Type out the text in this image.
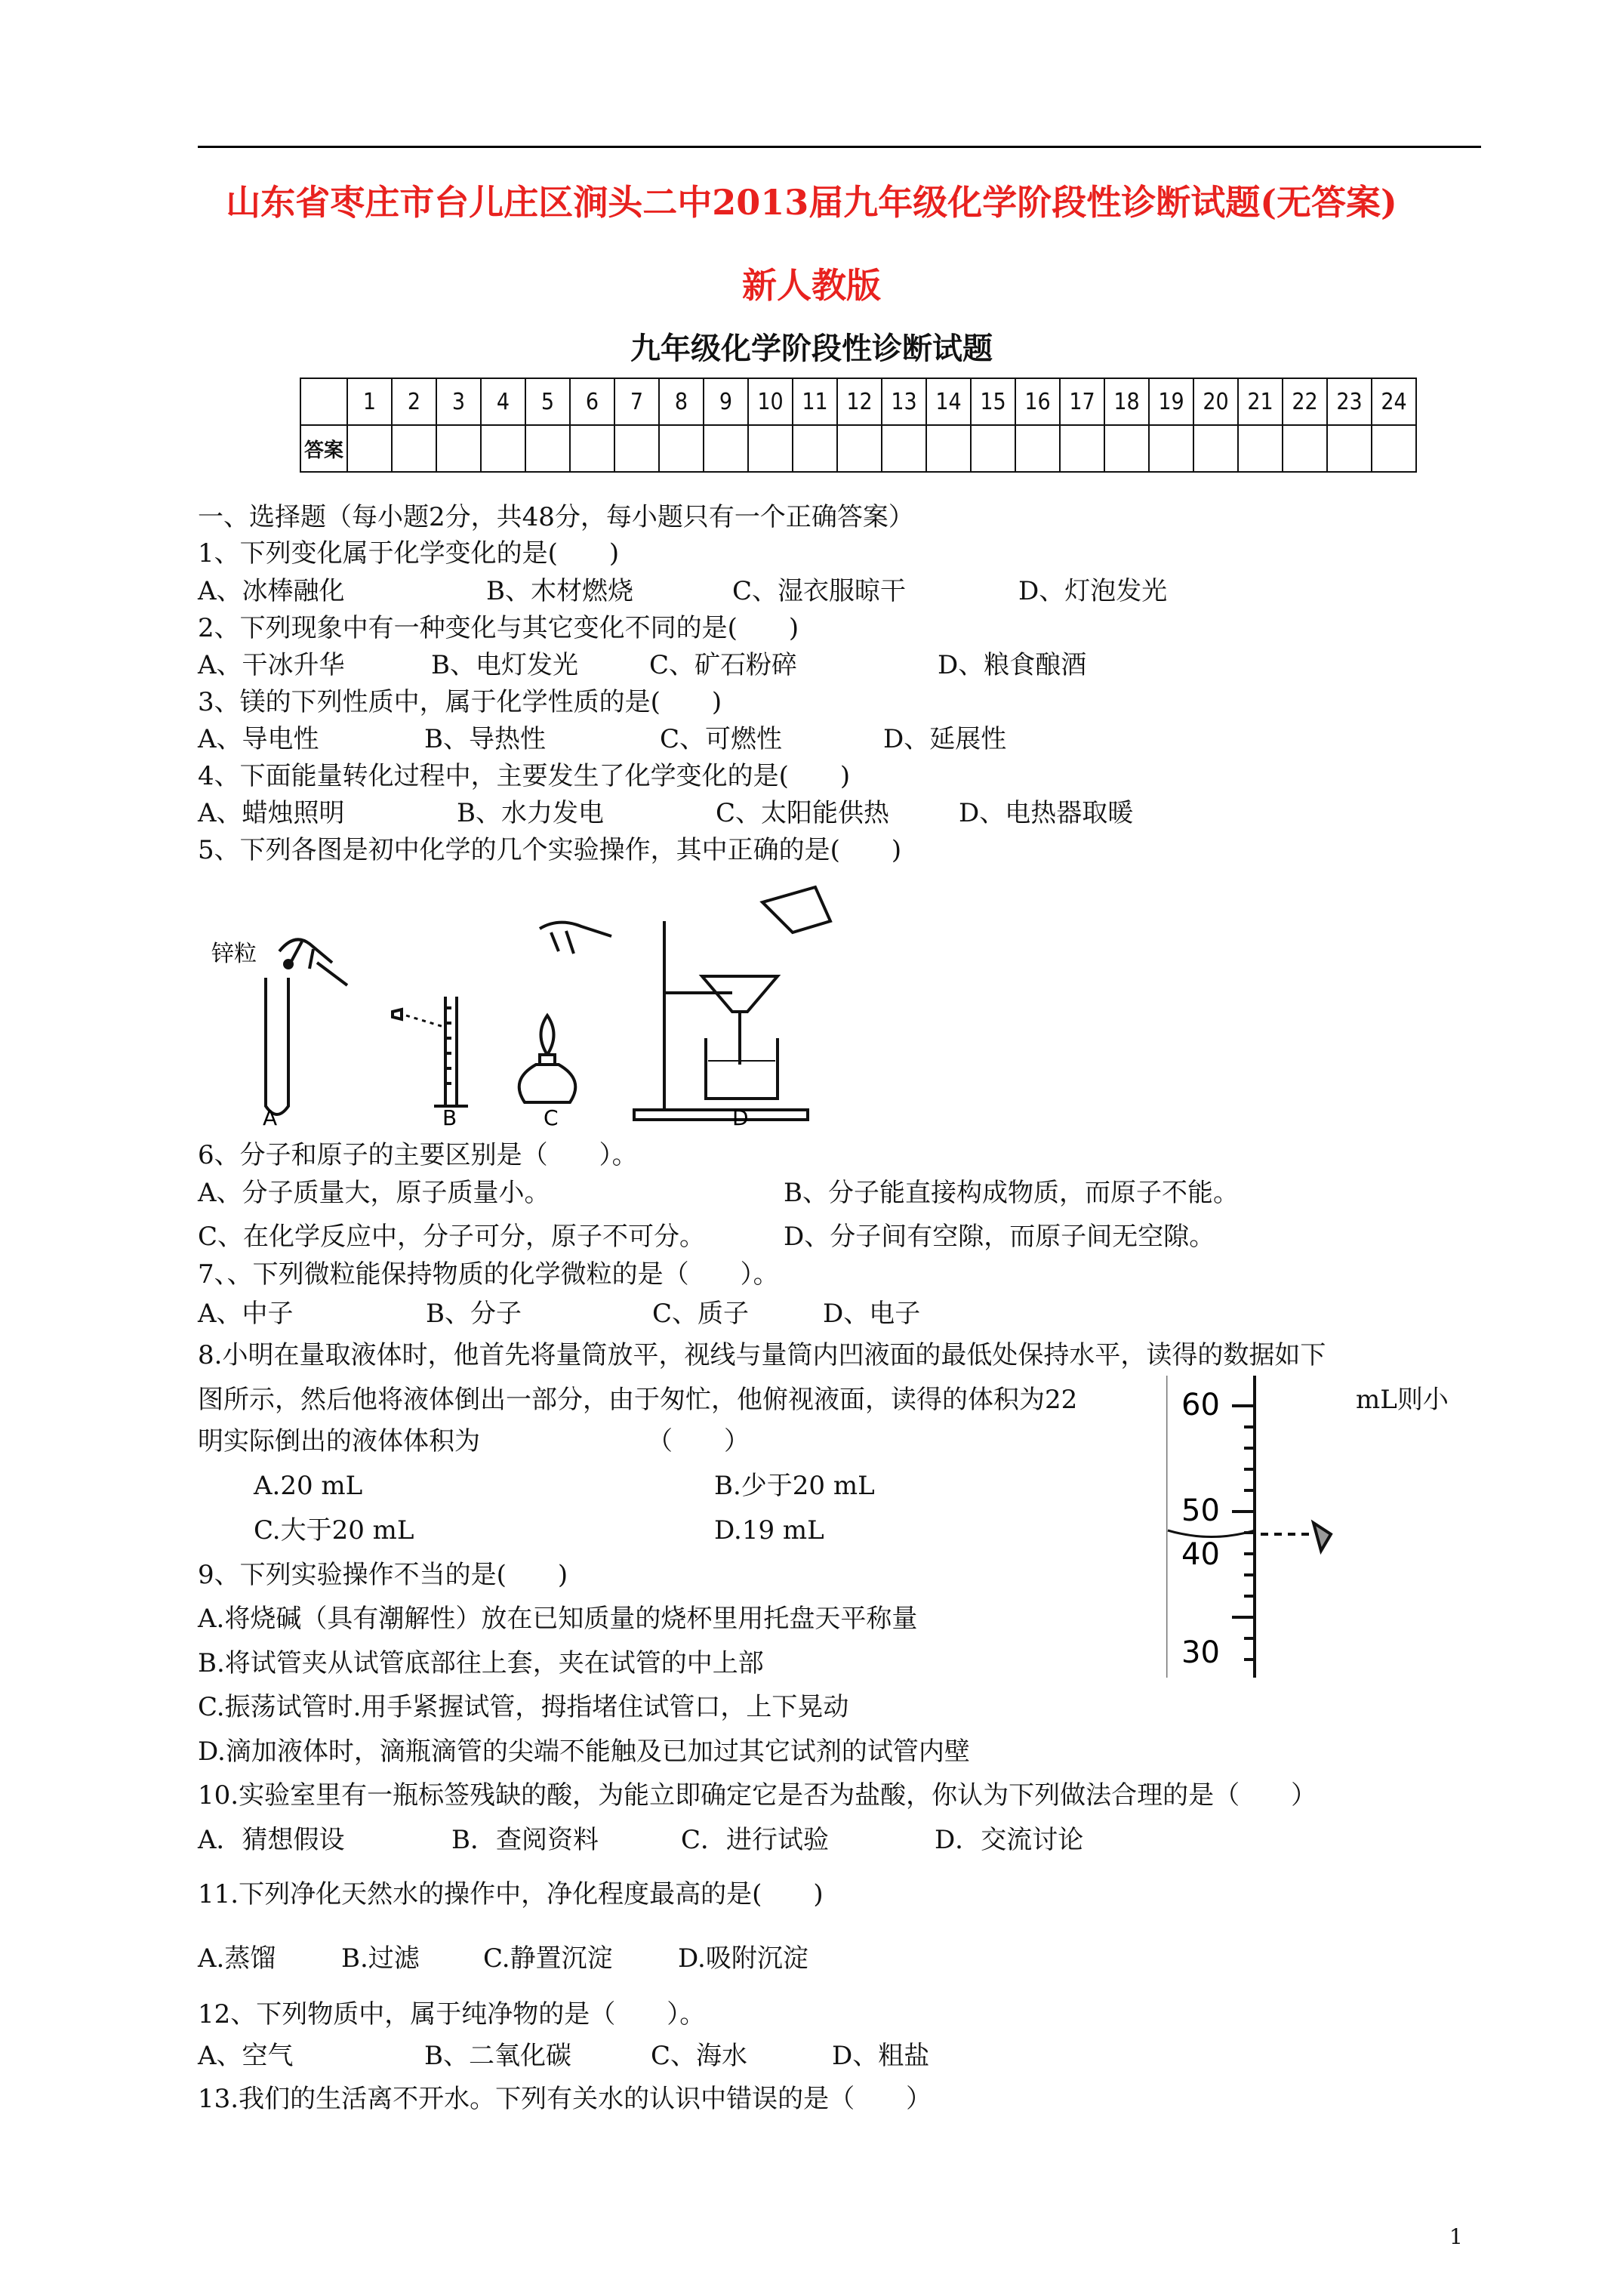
山东省枣庄市台儿庄区涧头二中2013届九年级化学阶段性诊断试题(无答案)
新人教版
九年级化学阶段性诊断试题
	1	2	3	4	5	6	7	8	9	10	11	12	13	14	15	16	17	18	19	20	21	22	23	24
答案																								
一、选择题（每小题2分，共48分，每小题只有一个正确答案）
1、下列变化属于化学变化的是(　　)
A、冰棒融化	B、木材燃烧	C、湿衣服晾干	D、灯泡发光
2、下列现象中有一种变化与其它变化不同的是(　　)
A、干冰升华	B、电灯发光	C、矿石粉碎	D、粮食酿酒
3、镁的下列性质中，属于化学性质的是(　　)
A、导电性	B、导热性	C、可燃性	D、延展性
4、下面能量转化过程中，主要发生了化学变化的是(　　)
A、蜡烛照明	B、水力发电	C、太阳能供热	D、电热器取暖
5、下列各图是初中化学的几个实验操作，其中正确的是(　　)
锌粒
A	B	C	D
6、分子和原子的主要区别是（　　）。
A、分子质量大，原子质量小。	B、分子能直接构成物质，而原子不能。
C、在化学反应中，分子可分，原子不可分。	D、分子间有空隙，而原子间无空隙。
7、、下列微粒能保持物质的化学微粒的是（　　）。
A、中子	B、分子	C、质子	D、电子
8.小明在量取液体时，他首先将量筒放平，视线与量筒内凹液面的最低处保持水平，读得的数据如下
图所示，然后他将液体倒出一部分，由于匆忙，他俯视液面，读得的体积为22	mL则小
明实际倒出的液体体积为　　　　　　　（　　）
A.20 mL	B.少于20 mL
C.大于20 mL	D.19 mL
60
50
40
30
9、下列实验操作不当的是(　　)
A.将烧碱（具有潮解性）放在已知质量的烧杯里用托盘天平称量
B.将试管夹从试管底部往上套，夹在试管的中上部
C.振荡试管时.用手紧握试管，拇指堵住试管口，上下晃动
D.滴加液体时，滴瓶滴管的尖端不能触及已加过其它试剂的试管内壁
10.实验室里有一瓶标签残缺的酸，为能立即确定它是否为盐酸，你认为下列做法合理的是（　　）
A．猜想假设	B．查阅资料	C．进行试验	D．交流讨论
11.下列净化天然水的操作中，净化程度最高的是(　　)
A.蒸馏	B.过滤 C.静置沉淀	D.吸附沉淀
12、下列物质中，属于纯净物的是（　　）。
A、空气	B、二氧化碳	C、海水	D、粗盐
13.我们的生活离不开水。下列有关水的认识中错误的是（　　）
1
